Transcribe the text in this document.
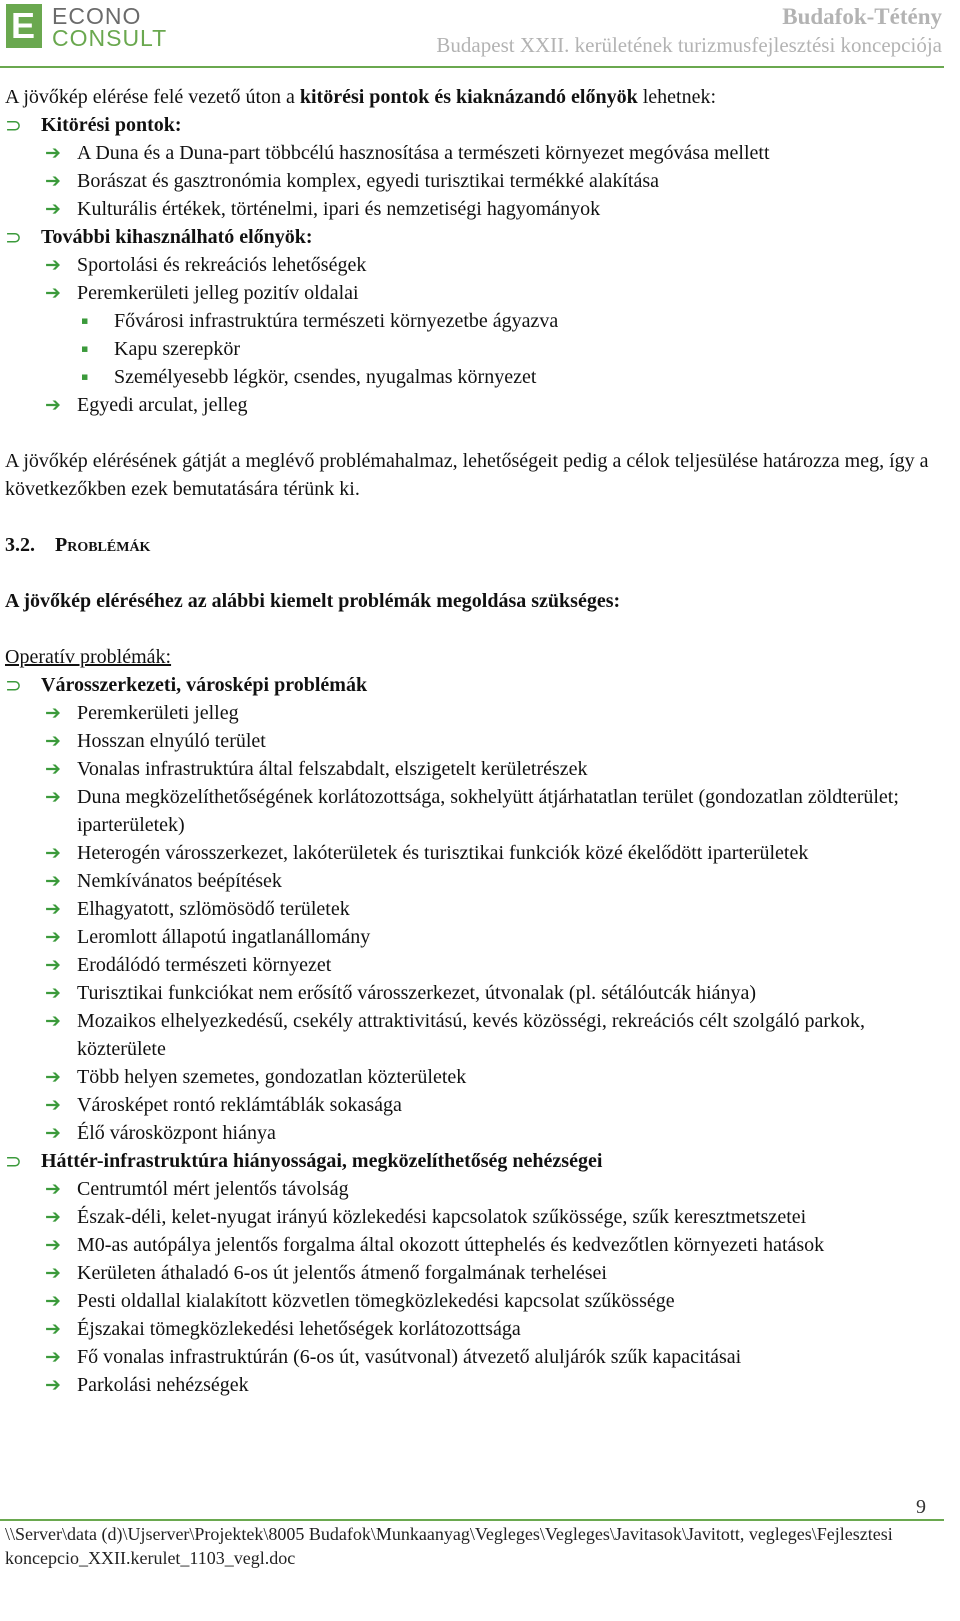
E ECONO
CONSULT
Budafok-Tétény
Budapest XXII. kerületének turizmusfejlesztési koncepciója

A jövőkép elérése felé vezető úton a kitörési pontok és kiaknázandó előnyök lehetnek:

⊃ Kitörési pontok:
➔ A Duna és a Duna-part többcélú hasznosítása a természeti környezet megóvása mellett
➔ Borászat és gasztronómia komplex, egyedi turisztikai termékké alakítása
➔ Kulturális értékek, történelmi, ipari és nemzetiségi hagyományok
⊃ További kihasználható előnyök:
➔ Sportolási és rekreációs lehetőségek
➔ Peremkerületi jelleg pozitív oldalai
▪ Fővárosi infrastruktúra természeti környezetbe ágyazva
▪ Kapu szerepkör
▪ Személyesebb légkör, csendes, nyugalmas környezet
➔ Egyedi arculat, jelleg

A jövőkép elérésének gátját a meglévő problémahalmaz, lehetőségeit pedig a célok teljesülése határozza meg, így a következőkben ezek bemutatására térünk ki.

3.2. Problémák

A jövőkép eléréséhez az alábbi kiemelt problémák megoldása szükséges:

Operatív problémák:

⊃ Városszerkezeti, városképi problémák
➔ Peremkerületi jelleg
➔ Hosszan elnyúló terület
➔ Vonalas infrastruktúra által felszabdalt, elszigetelt kerületrészek
➔ Duna megközelíthetőségének korlátozottsága, sokhelyütt átjárhatatlan terület (gondozatlan zöldterület; iparterületek)
➔ Heterogén városszerkezet, lakóterületek és turisztikai funkciók közé ékelődött iparterületek
➔ Nemkívánatos beépítések
➔ Elhagyatott, szlömösödő területek
➔ Leromlott állapotú ingatlanállomány
➔ Erodálódó természeti környezet
➔ Turisztikai funkciókat nem erősítő városszerkezet, útvonalak (pl. sétálóutcák hiánya)
➔ Mozaikos elhelyezkedésű, csekély attraktivitású, kevés közösségi, rekreációs célt szolgáló parkok, közterülete
➔ Több helyen szemetes, gondozatlan közterületek
➔ Városképet rontó reklámtáblák sokasága
➔ Élő városközpont hiánya
⊃ Háttér-infrastruktúra hiányosságai, megközelíthetőség nehézségei
➔ Centrumtól mért jelentős távolság
➔ Észak-déli, kelet-nyugat irányú közlekedési kapcsolatok szűkössége, szűk keresztmetszetei
➔ M0-as autópálya jelentős forgalma által okozott úttерhelés és kedvezőtlen környezeti hatások
➔ Kerületen áthaladó 6-os út jelentős átmenő forgalmának terhelései
➔ Pesti oldallal kialakított közvetlen tömegközlekedési kapcsolat szűkössége
➔ Éjszakai tömegközlekedési lehetőségek korlátozottsága
➔ Fő vonalas infrastruktúrán (6-os út, vasútvonal) átvezető aluljárók szűk kapacitásai
➔ Parkolási nehézségek
9
\\Server\data (d)\Ujserver\Projektek\8005 Budafok\Munkaanyag\Vegleges\Vegleges\Javitasok\Javitott, vegleges\Fejlesztesi koncepcio_XXII.kerulet_1103_vegl.doc
